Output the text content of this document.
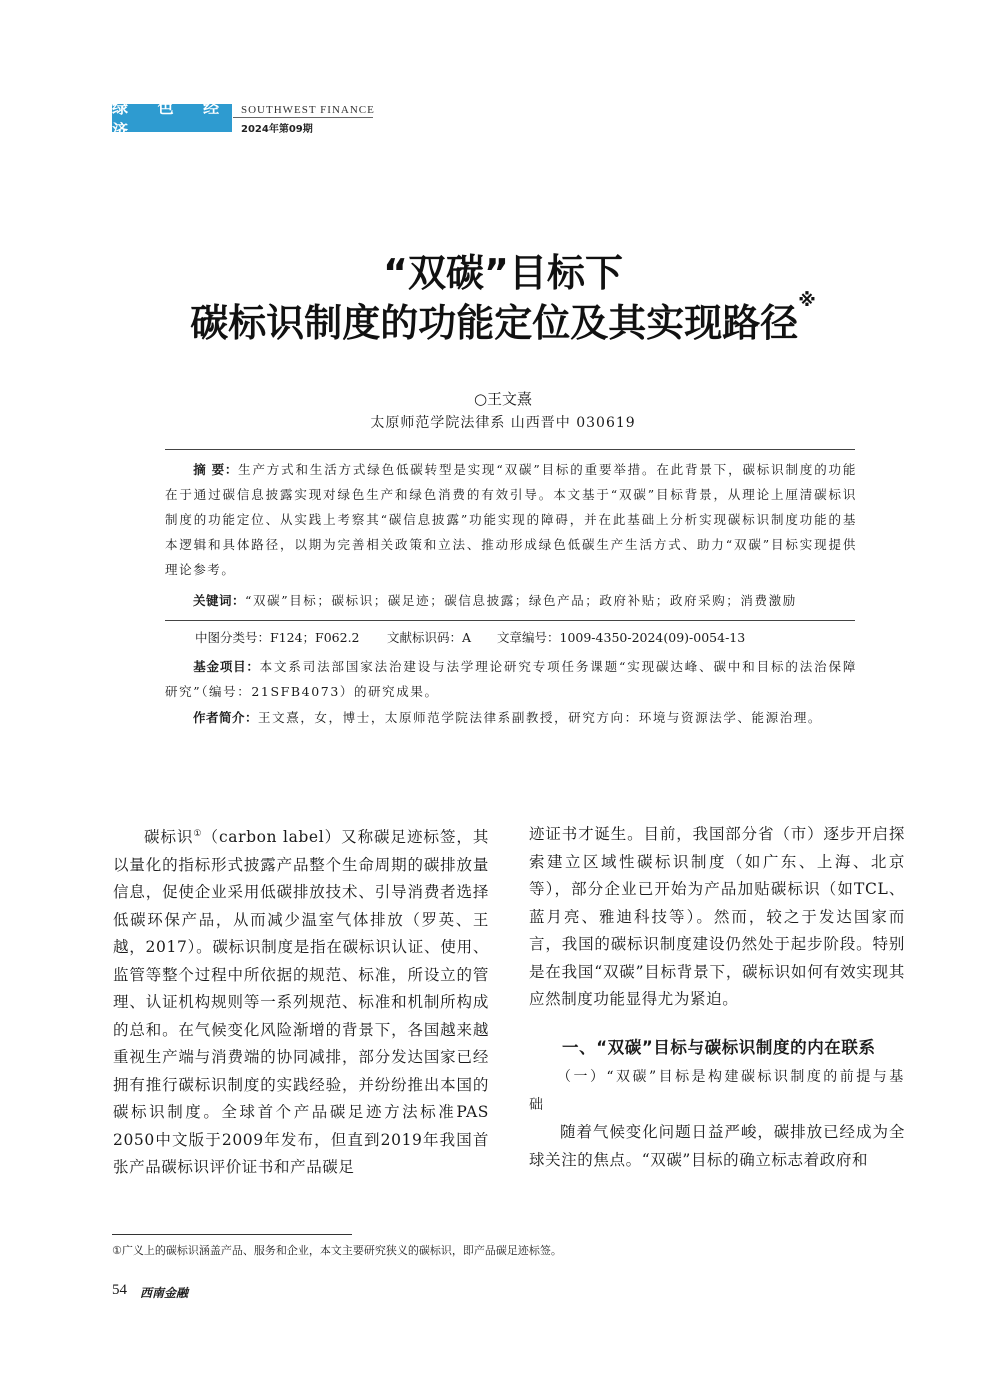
绿 色 经 济
SOUTHWEST FINANCE
2024年第09期
“双碳”目标下
碳标识制度的功能定位及其实现路径※
○王文熹
太原师范学院法律系 山西晋中 030619
摘 要：生产方式和生活方式绿色低碳转型是实现“双碳”目标的重要举措。在此背景下，碳标识制度的功能在于通过碳信息披露实现对绿色生产和绿色消费的有效引导。本文基于“双碳”目标背景，从理论上厘清碳标识制度的功能定位、从实践上考察其“碳信息披露”功能实现的障碍，并在此基础上分析实现碳标识制度功能的基本逻辑和具体路径，以期为完善相关政策和立法、推动形成绿色低碳生产生活方式、助力“双碳”目标实现提供理论参考。
关键词：“双碳”目标；碳标识；碳足迹；碳信息披露；绿色产品；政府补贴；政府采购；消费激励
中图分类号：F124；F062.2	文献标识码：A	文章编号：1009-4350-2024(09)-0054-13
基金项目：本文系司法部国家法治建设与法学理论研究专项任务课题“实现碳达峰、碳中和目标的法治保障研究”（编号：21SFB4073）的研究成果。
作者简介：王文熹，女，博士，太原师范学院法律系副教授，研究方向：环境与资源法学、能源治理。

碳标识①（carbon label）又称碳足迹标签，其以量化的指标形式披露产品整个生命周期的碳排放量信息，促使企业采用低碳排放技术、引导消费者选择低碳环保产品，从而减少温室气体排放（罗英、王越，2017）。碳标识制度是指在碳标识认证、使用、监管等整个过程中所依据的规范、标准，所设立的管理、认证机构规则等一系列规范、标准和机制所构成的总和。在气候变化风险渐增的背景下，各国越来越重视生产端与消费端的协同减排，部分发达国家已经拥有推行碳标识制度的实践经验，并纷纷推出本国的碳标识制度。全球首个产品碳足迹方法标准PAS 2050中文版于2009年发布，但直到2019年我国首张产品碳标识评价证书和产品碳足

迹证书才诞生。目前，我国部分省（市）逐步开启探索建立区域性碳标识制度（如广东、上海、北京等），部分企业已开始为产品加贴碳标识（如TCL、蓝月亮、雅迪科技等）。然而，较之于发达国家而言，我国的碳标识制度建设仍然处于起步阶段。特别是在我国“双碳”目标背景下，碳标识如何有效实现其应然制度功能显得尤为紧迫。

一、“双碳”目标与碳标识制度的内在联系

（一）“双碳”目标是构建碳标识制度的前提与基础

随着气候变化问题日益严峻，碳排放已经成为全球关注的焦点。“双碳”目标的确立标志着政府和

①广义上的碳标识涵盖产品、服务和企业，本文主要研究狭义的碳标识，即产品碳足迹标签。
54 西南金融
